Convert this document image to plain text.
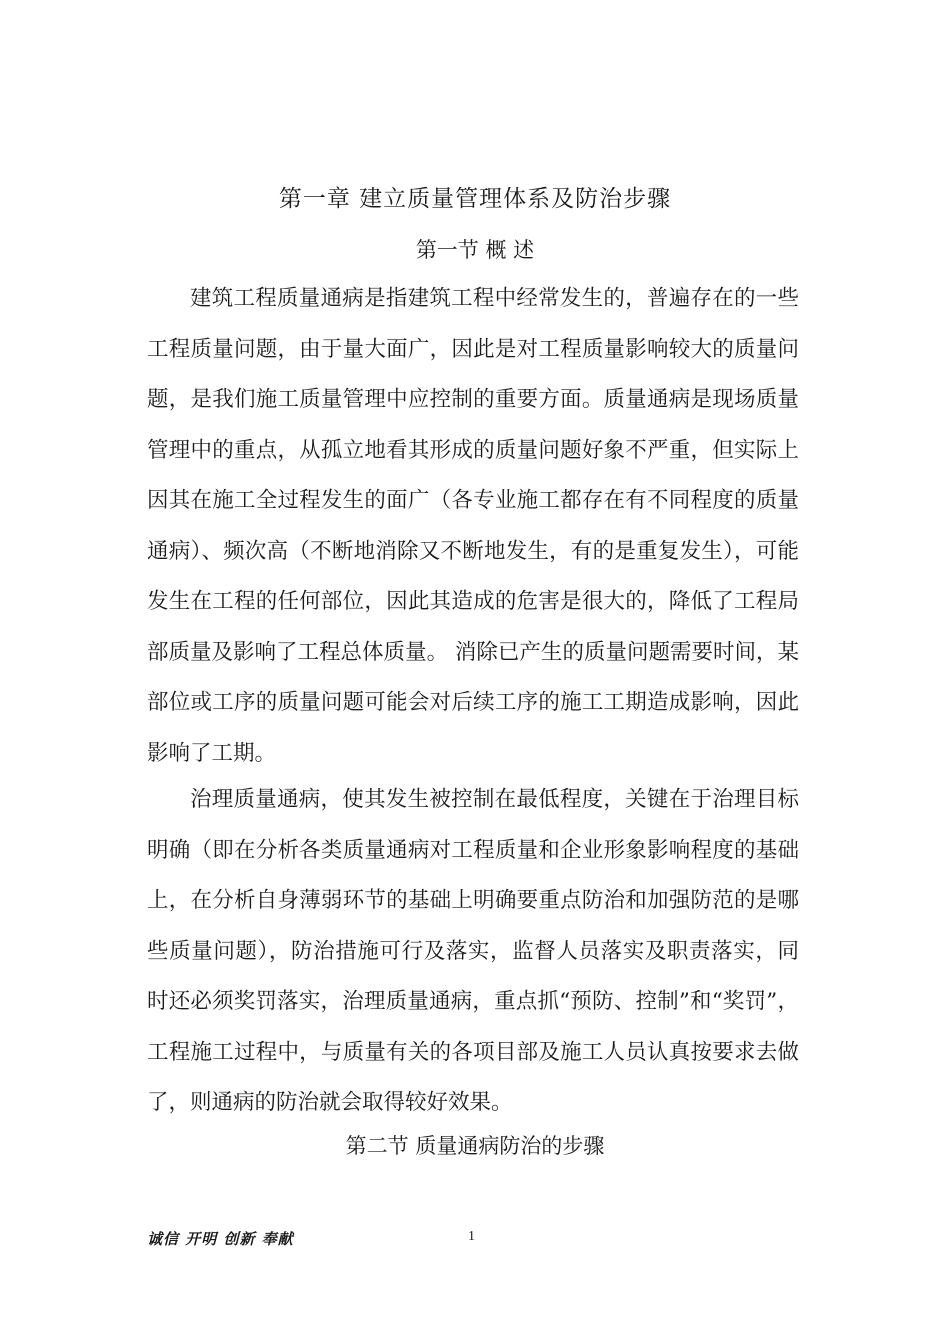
第一章 建立质量管理体系及防治步骤
第一节 概 述

建筑工程质量通病是指建筑工程中经常发生的，普遍存在的一些工程质量问题，由于量大面广，因此是对工程质量影响较大的质量问题，是我们施工质量管理中应控制的重要方面。质量通病是现场质量管理中的重点，从孤立地看其形成的质量问题好象不严重，但实际上因其在施工全过程发生的面广（各专业施工都存在有不同程度的质量通病）、频次高（不断地消除又不断地发生，有的是重复发生），可能发生在工程的任何部位，因此其造成的危害是很大的，降低了工程局部质量及影响了工程总体质量。 消除已产生的质量问题需要时间，某部位或工序的质量问题可能会对后续工序的施工工期造成影响，因此影响了工期。

治理质量通病，使其发生被控制在最低程度，关键在于治理目标明确（即在分析各类质量通病对工程质量和企业形象影响程度的基础上，在分析自身薄弱环节的基础上明确要重点防治和加强防范的是哪些质量问题），防治措施可行及落实，监督人员落实及职责落实，同时还必须奖罚落实，治理质量通病，重点抓“预防、控制”和“奖罚”，工程施工过程中，与质量有关的各项目部及施工人员认真按要求去做了，则通病的防治就会取得较好效果。

第二节 质量通病防治的步骤
诚信 开明 创新 奉献	1
